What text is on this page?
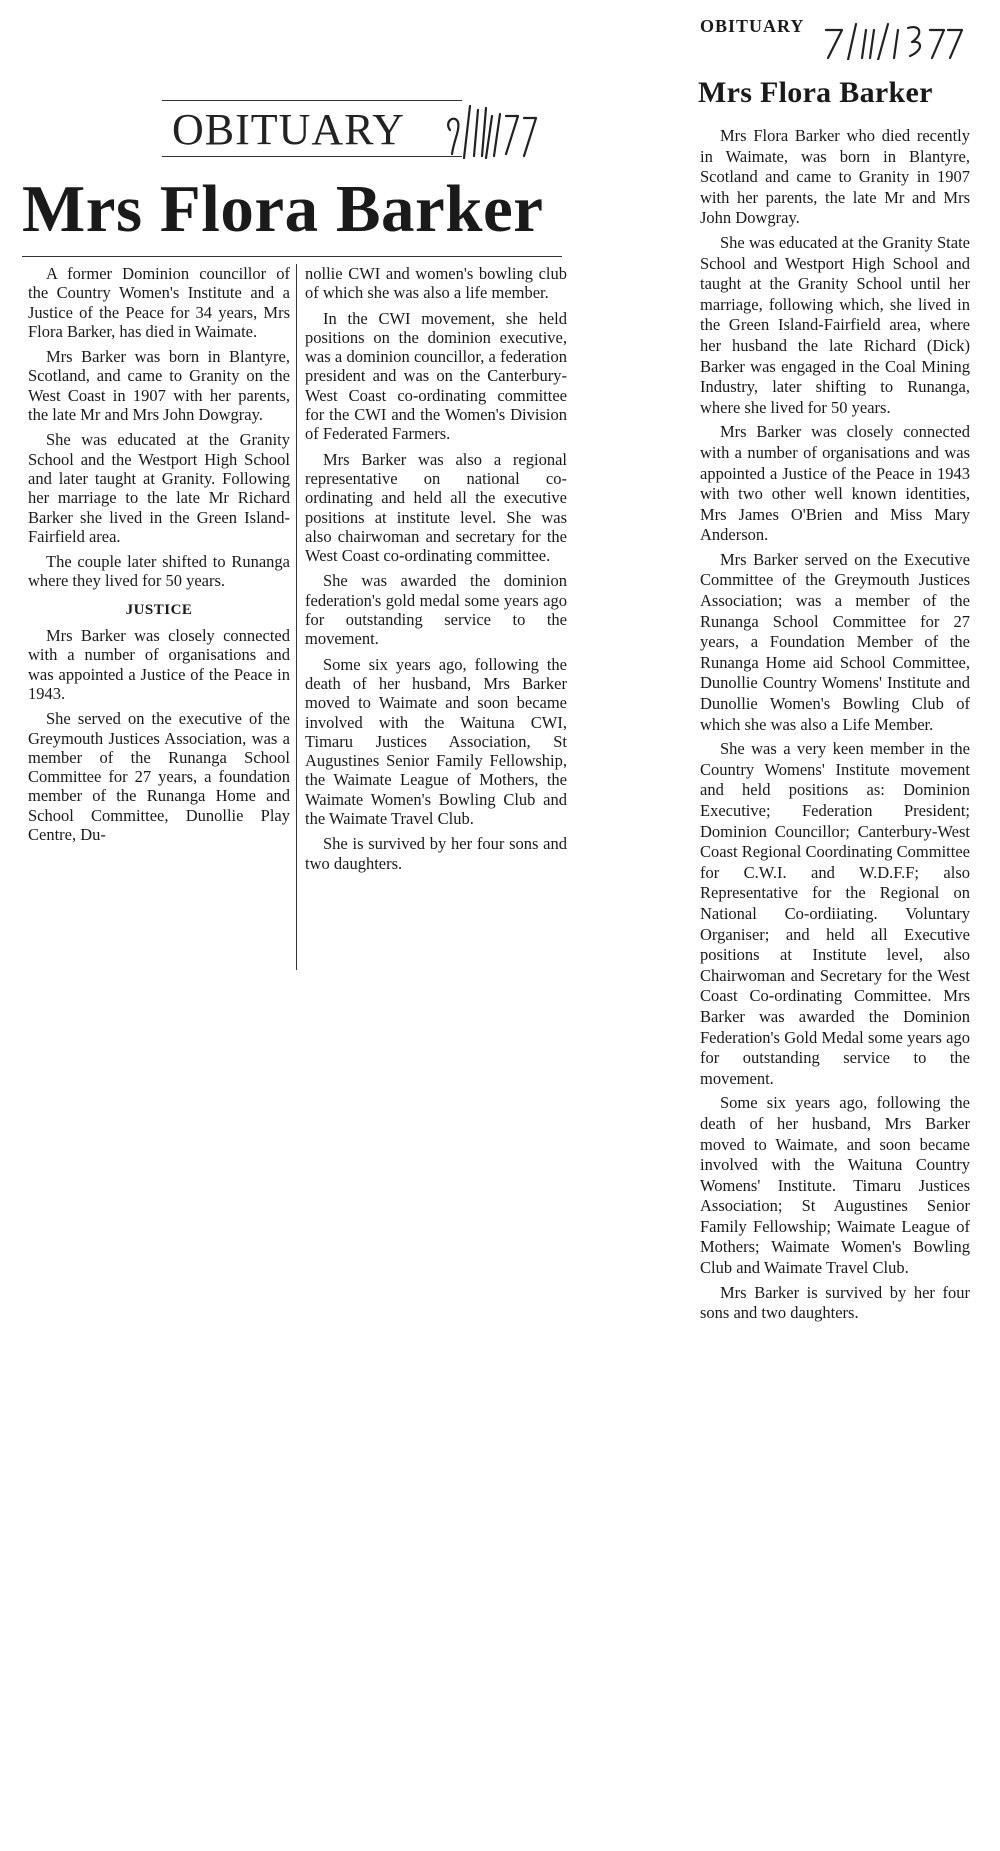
OBITUARY
Mrs Flora Barker

A former Dominion councillor of the Country Women's Institute and a Justice of the Peace for 34 years, Mrs Flora Barker, has died in Waimate.

Mrs Barker was born in Blantyre, Scotland, and came to Granity on the West Coast in 1907 with her parents, the late Mr and Mrs John Dowgray.

She was educated at the Granity School and the Westport High School and later taught at Granity. Following her marriage to the late Mr Richard Barker she lived in the Green Island-Fairfield area.

The couple later shifted to Runanga where they lived for 50 years.

JUSTICE

Mrs Barker was closely connected with a number of organisations and was appointed a Justice of the Peace in 1943.

She served on the executive of the Greymouth Justices Association, was a member of the Runanga School Committee for 27 years, a foundation member of the Runanga Home and School Committee, Dunollie Play Centre, Du-

nollie CWI and women's bowling club of which she was also a life member.

In the CWI movement, she held positions on the dominion executive, was a dominion councillor, a federation president and was on the Canterbury-West Coast co-ordinating committee for the CWI and the Women's Division of Federated Farmers.

Mrs Barker was also a regional representative on national co-ordinating and held all the executive positions at institute level. She was also chairwoman and secretary for the West Coast co-ordinating committee.

She was awarded the dominion federation's gold medal some years ago for outstanding service to the movement.

Some six years ago, following the death of her husband, Mrs Barker moved to Waimate and soon became involved with the Waituna CWI, Timaru Justices Association, St Augustines Senior Family Fellowship, the Waimate League of Mothers, the Waimate Women's Bowling Club and the Waimate Travel Club.

She is survived by her four sons and two daughters.

OBITUARY
Mrs Flora Barker

Mrs Flora Barker who died recently in Waimate, was born in Blantyre, Scotland and came to Granity in 1907 with her parents, the late Mr and Mrs John Dowgray.

She was educated at the Granity State School and Westport High School and taught at the Granity School until her marriage, following which, she lived in the Green Island-Fairfield area, where her husband the late Richard (Dick) Barker was engaged in the Coal Mining Industry, later shifting to Runanga, where she lived for 50 years.

Mrs Barker was closely connected with a number of organisations and was appointed a Justice of the Peace in 1943 with two other well known identities, Mrs James O'Brien and Miss Mary Anderson.

Mrs Barker served on the Executive Committee of the Greymouth Justices Association; was a member of the Runanga School Committee for 27 years, a Foundation Member of the Runanga Home aid School Committee, Dunollie Country Womens' Institute and Dunollie Women's Bowling Club of which she was also a Life Member.

She was a very keen member in the Country Womens' Institute movement and held positions as: Dominion Executive; Federation President; Dominion Councillor; Canterbury-West Coast Regional Coordinating Committee for C.W.I. and W.D.F.F; also Representative for the Regional on National Co-ordiiating. Voluntary Organiser; and held all Executive positions at Institute level, also Chairwoman and Secretary for the West Coast Co-ordinating Committee. Mrs Barker was awarded the Dominion Federation's Gold Medal some years ago for outstanding service to the movement.

Some six years ago, following the death of her husband, Mrs Barker moved to Waimate, and soon became involved with the Waituna Country Womens' Institute. Timaru Justices Association; St Augustines Senior Family Fellowship; Waimate League of Mothers; Waimate Women's Bowling Club and Waimate Travel Club.

Mrs Barker is survived by her four sons and two daughters.
